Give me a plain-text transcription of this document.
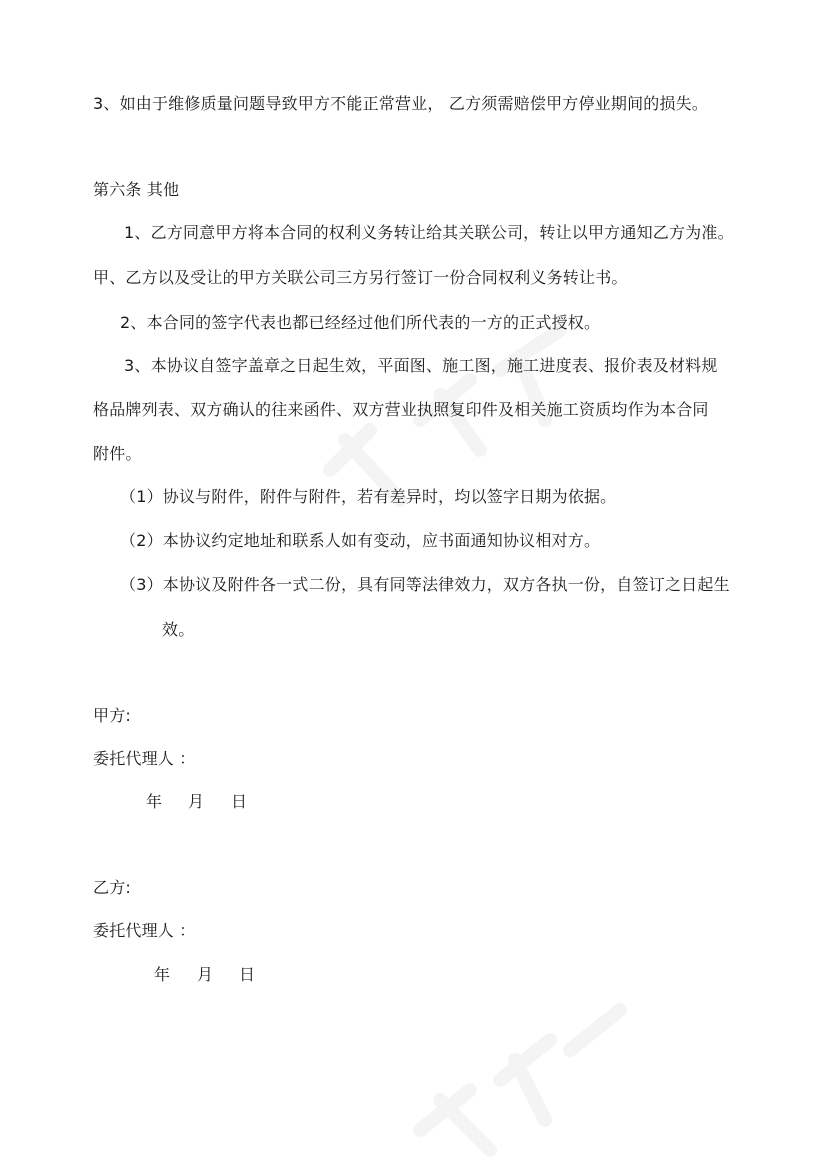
3、如由于维修质量问题导致甲方不能正常营业， 乙方须需赔偿甲方停业期间的损失。
第六条 其他
1、乙方同意甲方将本合同的权利义务转让给其关联公司，转让以甲方通知乙方为准。
甲、乙方以及受让的甲方关联公司三方另行签订一份合同权利义务转让书。
2、本合同的签字代表也都已经经过他们所代表的一方的正式授权。
3、本协议自签字盖章之日起生效，平面图、施工图，施工进度表、报价表及材料规
格品牌列表、双方确认的往来函件、双方营业执照复印件及相关施工资质均作为本合同
附件。
（1）协议与附件，附件与附件，若有差异时，均以签字日期为依据。
（2）本协议约定地址和联系人如有变动，应书面通知协议相对方。
（3）本协议及附件各一式二份，具有同等法律效力，双方各执一份，自签订之日起生
效。
甲方:
委托代理人 ：
年 月 日
乙方:
委托代理人 ：
年 月 日
